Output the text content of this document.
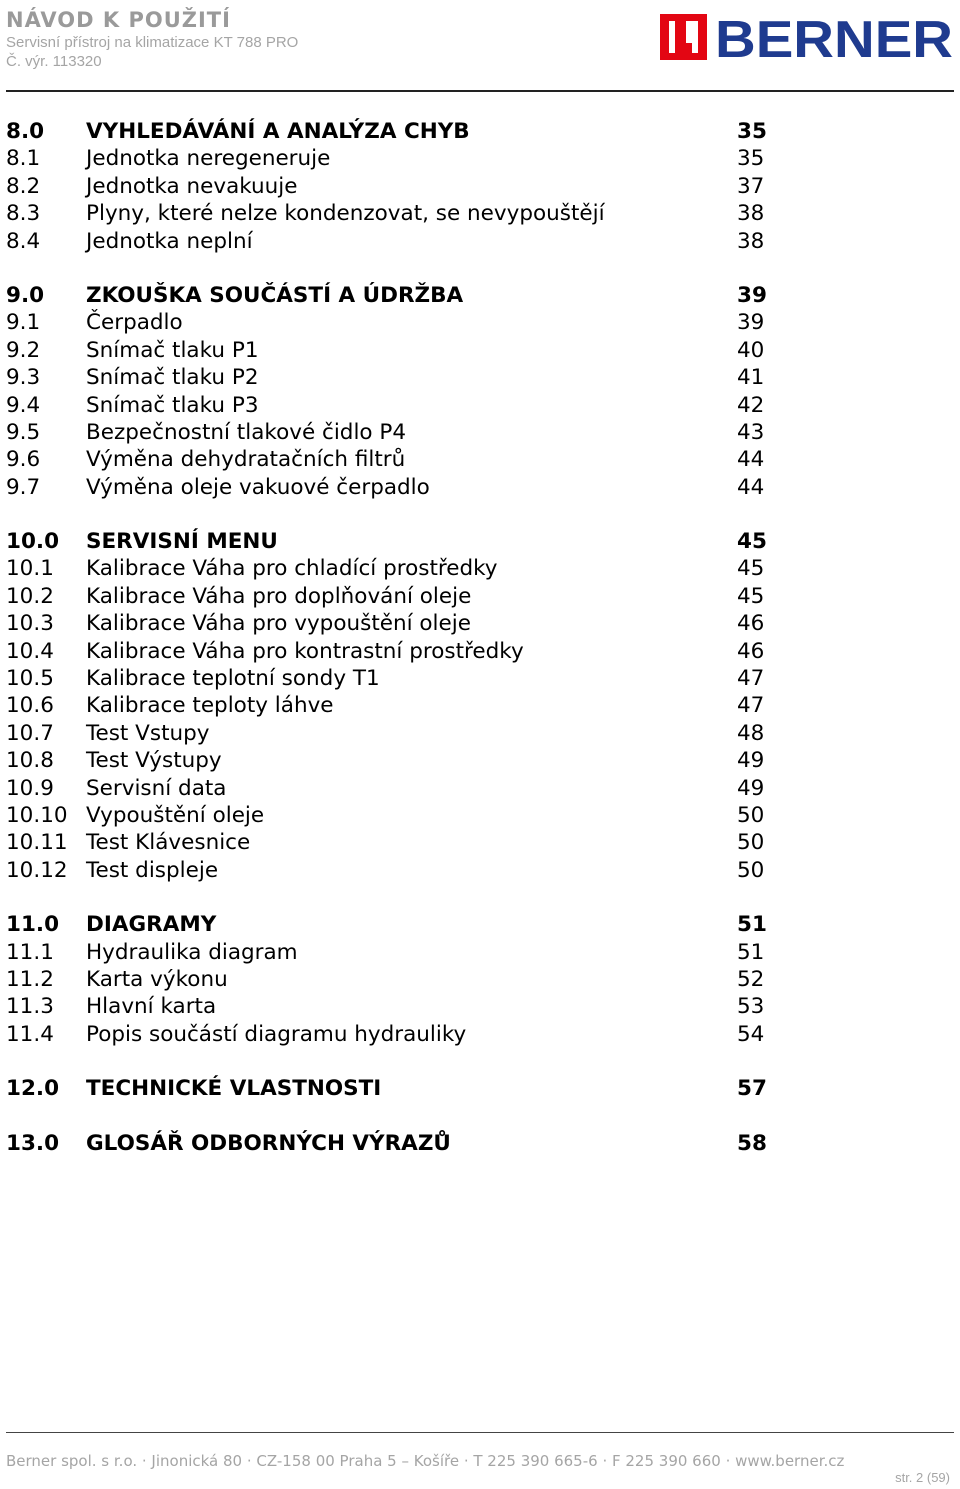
NÁVOD K POUŽITÍ
Servisní přístroj na klimatizace KT 788 PRO
Č. výr. 113320	BERNER
8.0 VYHLEDÁVÁNÍ A ANALÝZA CHYB	35
8.1 Jednotka neregeneruje	35
8.2 Jednotka nevakuuje	37
8.3 Plyny, které nelze kondenzovat, se nevypouštějí	38
8.4 Jednotka neplní	38
9.0 ZKOUŠKA SOUČÁSTÍ A ÚDRŽBA	39
9.1 Čerpadlo	39
9.2 Snímač tlaku P1	40
9.3 Snímač tlaku P2	41
9.4 Snímač tlaku P3	42
9.5 Bezpečnostní tlakové čidlo P4	43
9.6 Výměna dehydratačních filtrů	44
9.7 Výměna oleje vakuové čerpadlo	44
10.0 SERVISNÍ MENU	45
10.1 Kalibrace Váha pro chladící prostředky	45
10.2 Kalibrace Váha pro doplňování oleje	45
10.3 Kalibrace Váha pro vypouštění oleje	46
10.4 Kalibrace Váha pro kontrastní prostředky	46
10.5 Kalibrace teplotní sondy T1	47
10.6 Kalibrace teploty láhve	47
10.7 Test Vstupy	48
10.8 Test Výstupy	49
10.9 Servisní data	49
10.10 Vypouštění oleje	50
10.11 Test Klávesnice	50
10.12 Test displeje	50
11.0 DIAGRAMY	51
11.1 Hydraulika diagram	51
11.2 Karta výkonu	52
11.3 Hlavní karta	53
11.4 Popis součástí diagramu hydrauliky	54
12.0 TECHNICKÉ VLASTNOSTI	57
13.0 GLOSÁŘ ODBORNÝCH VÝRAZŮ	58
Berner spol. s r.o. · Jinonická 80 · CZ-158 00 Praha 5 – Košíře · T 225 390 665-6 · F 225 390 660 · www.berner.cz
str. 2 (59)
